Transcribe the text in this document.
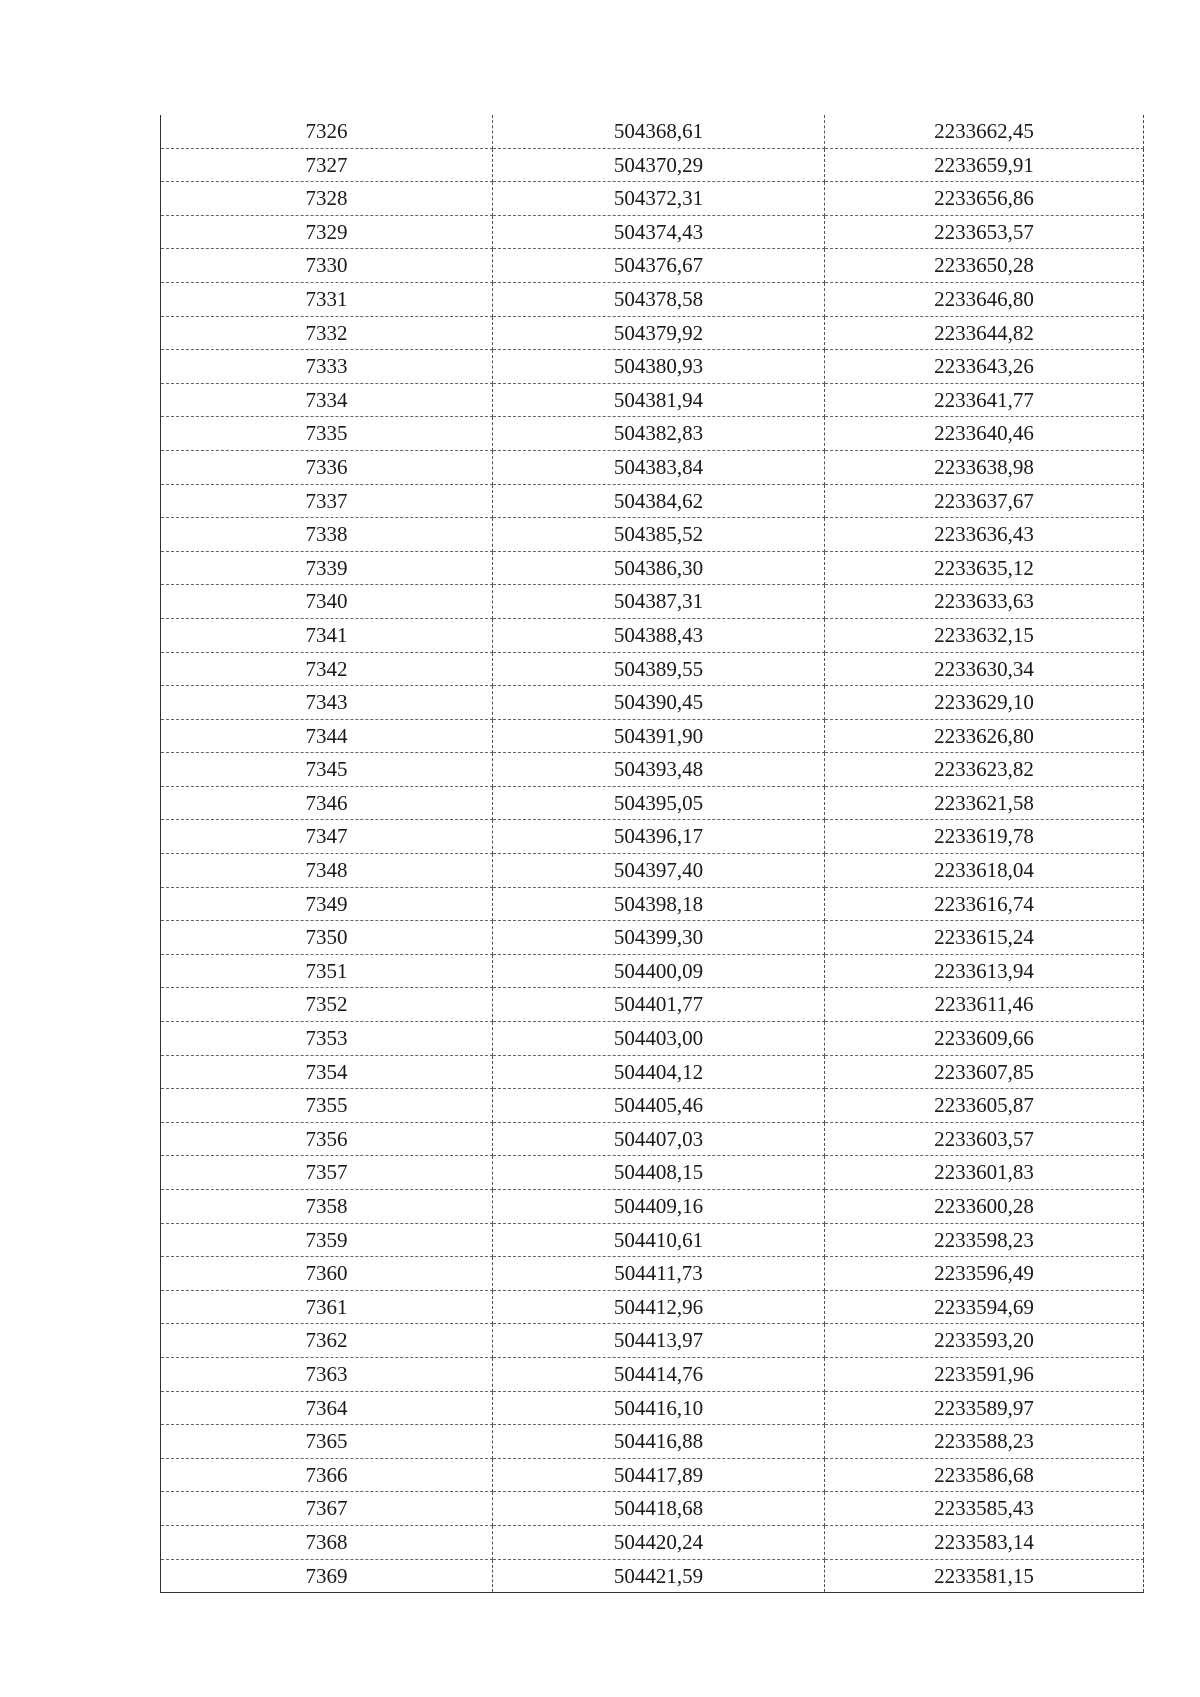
7326	504368,61	2233662,45
7327	504370,29	2233659,91
7328	504372,31	2233656,86
7329	504374,43	2233653,57
7330	504376,67	2233650,28
7331	504378,58	2233646,80
7332	504379,92	2233644,82
7333	504380,93	2233643,26
7334	504381,94	2233641,77
7335	504382,83	2233640,46
7336	504383,84	2233638,98
7337	504384,62	2233637,67
7338	504385,52	2233636,43
7339	504386,30	2233635,12
7340	504387,31	2233633,63
7341	504388,43	2233632,15
7342	504389,55	2233630,34
7343	504390,45	2233629,10
7344	504391,90	2233626,80
7345	504393,48	2233623,82
7346	504395,05	2233621,58
7347	504396,17	2233619,78
7348	504397,40	2233618,04
7349	504398,18	2233616,74
7350	504399,30	2233615,24
7351	504400,09	2233613,94
7352	504401,77	2233611,46
7353	504403,00	2233609,66
7354	504404,12	2233607,85
7355	504405,46	2233605,87
7356	504407,03	2233603,57
7357	504408,15	2233601,83
7358	504409,16	2233600,28
7359	504410,61	2233598,23
7360	504411,73	2233596,49
7361	504412,96	2233594,69
7362	504413,97	2233593,20
7363	504414,76	2233591,96
7364	504416,10	2233589,97
7365	504416,88	2233588,23
7366	504417,89	2233586,68
7367	504418,68	2233585,43
7368	504420,24	2233583,14
7369	504421,59	2233581,15
